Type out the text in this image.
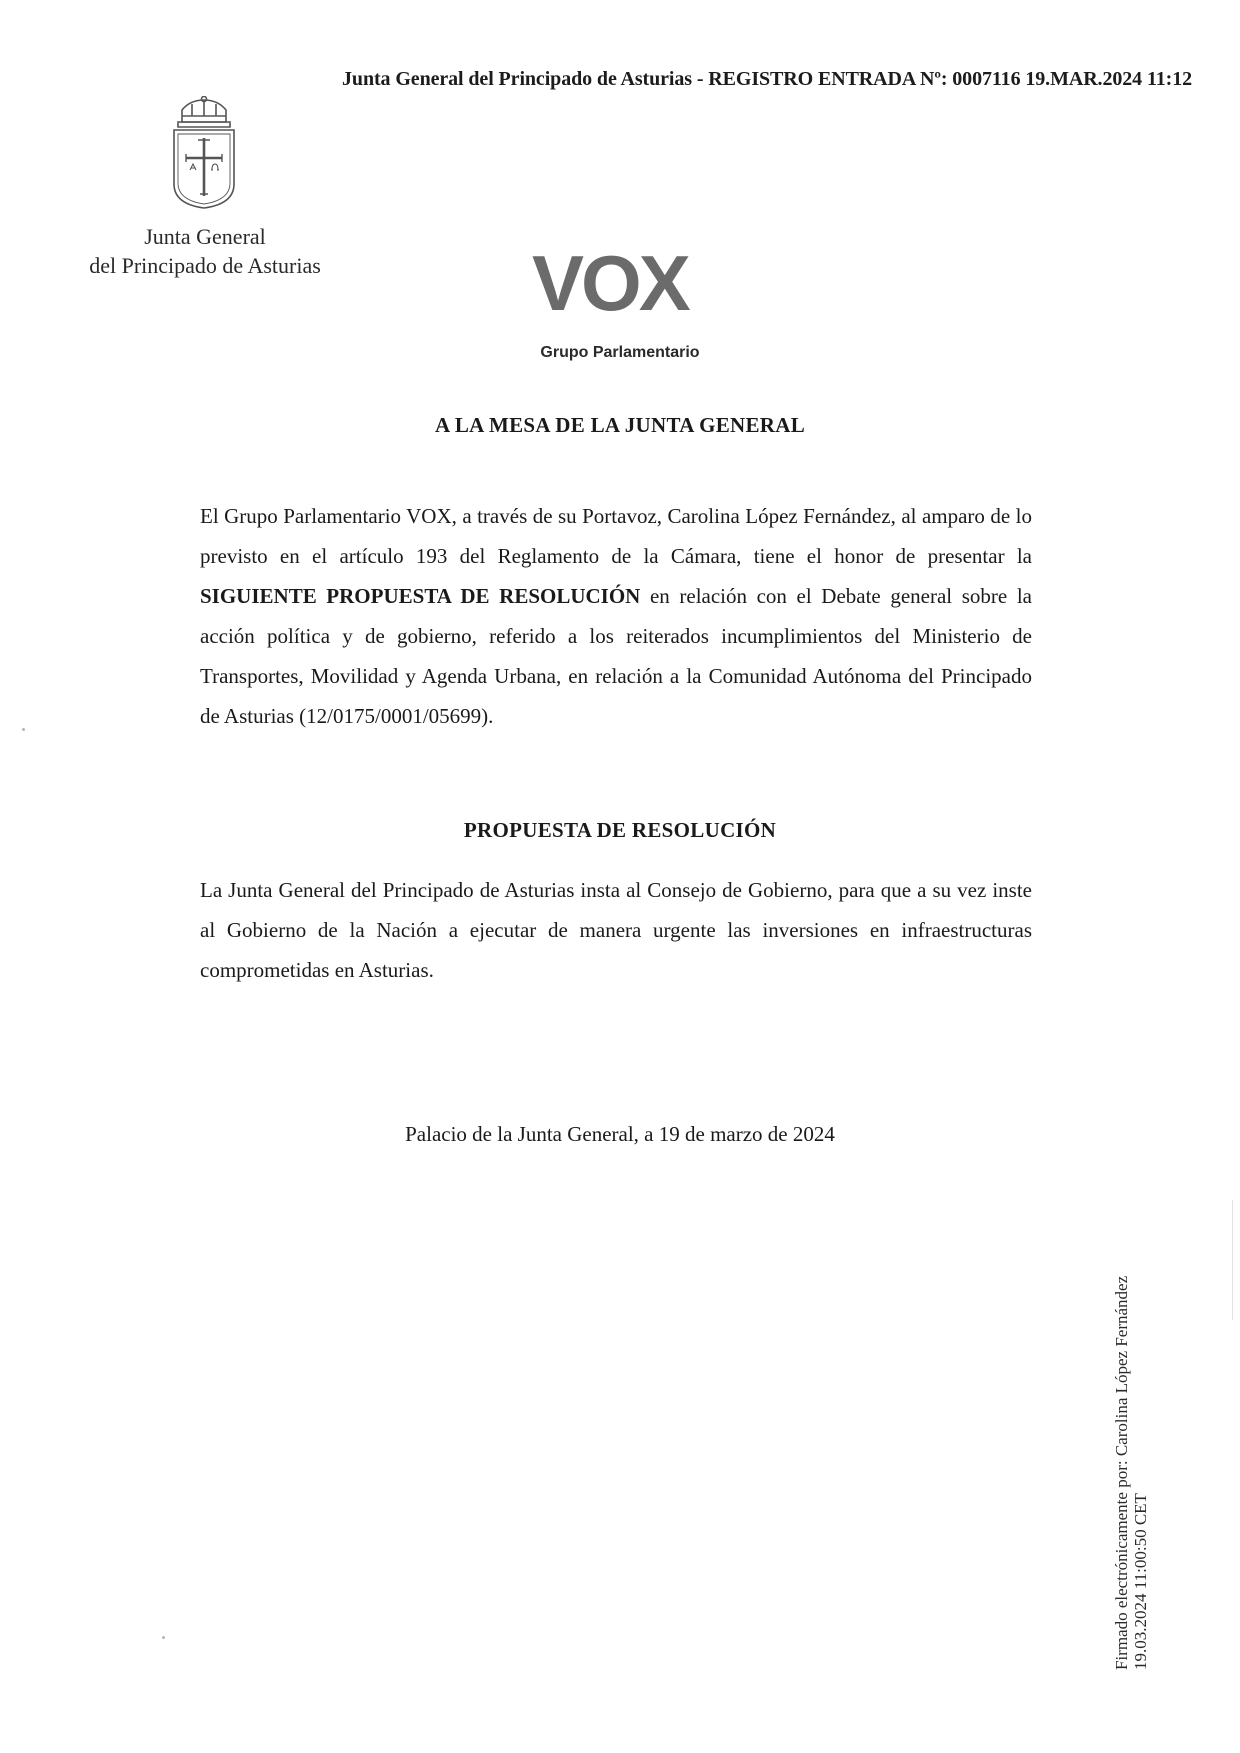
Junta General del Principado de Asturias - REGISTRO ENTRADA Nº: 0007116 19.MAR.2024 11:12
Junta General
del Principado de Asturias	VOX
Grupo Parlamentario
A LA MESA DE LA JUNTA GENERAL

El Grupo Parlamentario VOX, a través de su Portavoz, Carolina López Fernández, al amparo de lo previsto en el artículo 193 del Reglamento de la Cámara, tiene el honor de presentar la SIGUIENTE PROPUESTA DE RESOLUCIÓN en relación con el Debate general sobre la acción política y de gobierno, referido a los reiterados incumplimientos del Ministerio de Transportes, Movilidad y Agenda Urbana, en relación a la Comunidad Autónoma del Principado de Asturias (12/0175/0001/05699).

PROPUESTA DE RESOLUCIÓN

La Junta General del Principado de Asturias insta al Consejo de Gobierno, para que a su vez inste al Gobierno de la Nación a ejecutar de manera urgente las inversiones en infraestructuras comprometidas en Asturias.

Palacio de la Junta General, a 19 de marzo de 2024
Firmado electrónicamente por: Carolina López Fernández 19.03.2024 11:00:50 CET
